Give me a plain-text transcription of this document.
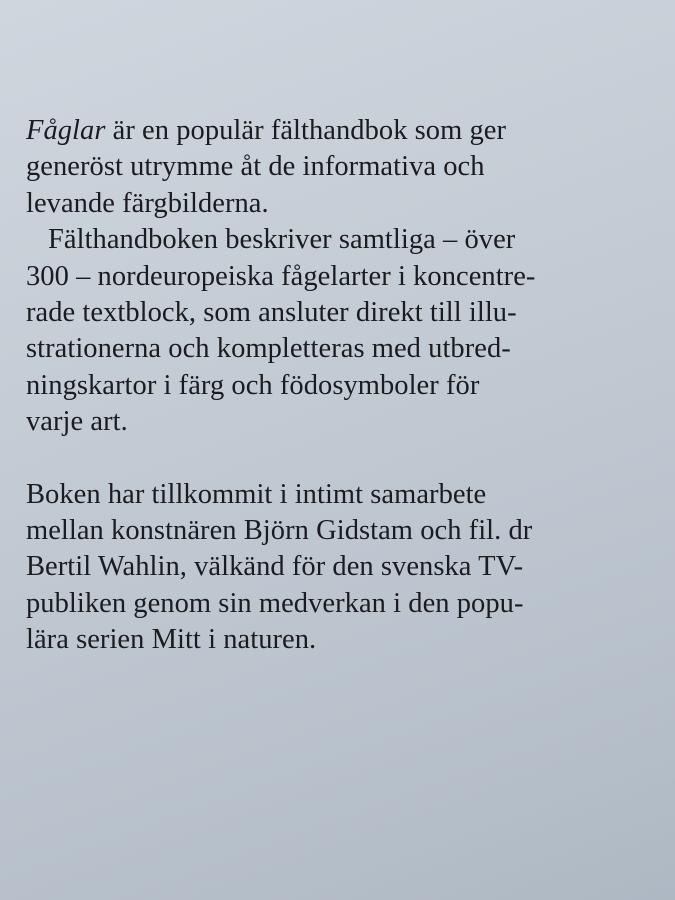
Fåglar är en populär fälthandbok som ger
generöst utrymme åt de informativa och
levande färgbilderna.
Fälthandboken beskriver samtliga – över
300 – nordeuropeiska fågelarter i koncentre-
rade textblock, som ansluter direkt till illu-
strationerna och kompletteras med utbred-
ningskartor i färg och födosymboler för
varje art.
Boken har tillkommit i intimt samarbete
mellan konstnären Björn Gidstam och fil. dr
Bertil Wahlin, välkänd för den svenska TV-
publiken genom sin medverkan i den popu-
lära serien Mitt i naturen.
